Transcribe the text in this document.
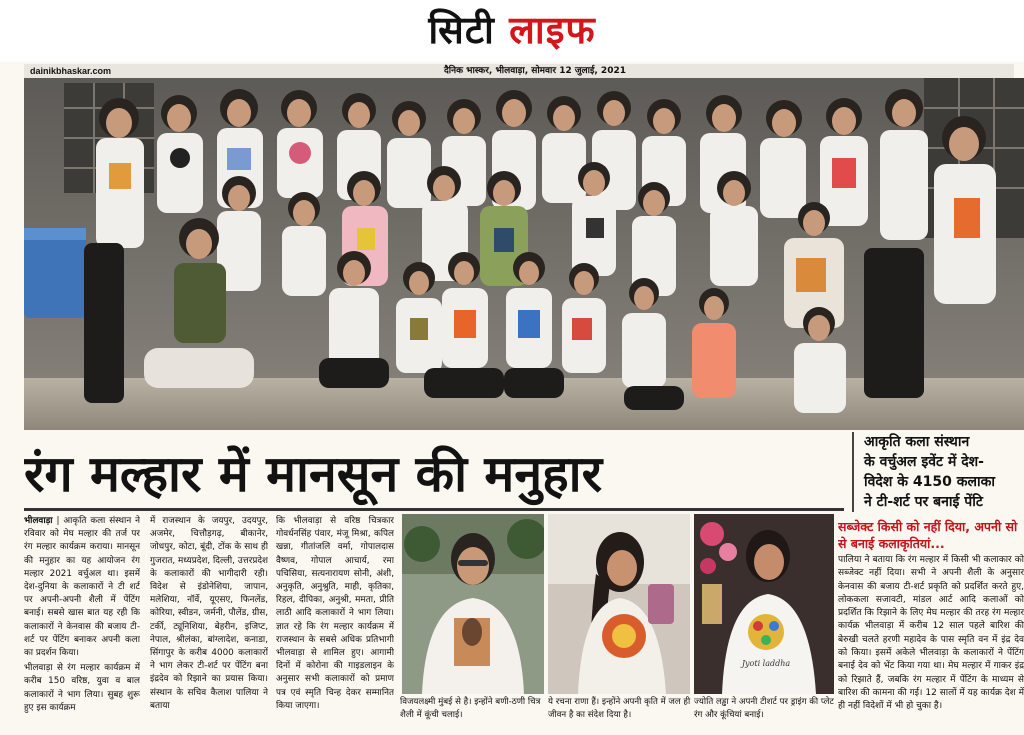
सिटी लाइफ
dainikbhaskar.com	दैनिक भास्कर, भीलवाड़ा, सोमवार 12 जुलाई, 2021
रंग मल्हार में मानसून की मनुहार
आकृति कला संस्थान
के वर्चुअल इवेंट में देश-
विदेश के 4150 कलाका
ने टी-शर्ट पर बनाई पेंटि

भीलवाड़ा | आकृति कला संस्थान ने रविवार को मेघ मल्हार की तर्ज पर रंग मल्हार कार्यक्रम कराया। मानसून की मनुहार का यह आयोजन रंग मल्हार 2021 वर्चुअल था। इसमें देश-दुनिया के कलाकारों ने टी शर्ट पर अपनी-अपनी शैली में पेंटिंग बनाई। सबसे खास बात यह रही कि कलाकारों ने केनवास की बजाय टी-शर्ट पर पेंटिंग बनाकर अपनी कला का प्रदर्शन किया।

भीलवाड़ा से रंग मल्हार कार्यक्रम में करीब 150 वरिष्ठ, युवा व बाल कलाकारों ने भाग लिया। सुबह शुरू हुए इस कार्यक्रम

में राजस्थान के जयपुर, उदयपुर, अजमेर, चित्तौड़गढ़, बीकानेर, जोधपुर, कोटा, बूंदी, टोंक के साथ ही गुजरात, मध्यप्रदेश, दिल्ली, उत्तरप्रदेश के कलाकारों की भागीदारी रही। विदेश से इंडोनेशिया, जापान, मलेशिया, नॉर्वे, यूएसए, फिनलेंड, कोरिया, स्वीडन, जर्मनी, पौलेंड, ग्रीस, टर्की, ट्यूनिशिया, बेहरीन, इजिप्ट, नेपाल, श्रीलंका, बांग्लादेश, कनाडा, सिंगापुर के करीब 4000 कलाकारों ने भाग लेकर टी-शर्ट पर पेंटिंग बना इंद्रदेव को रिझाने का प्रयास किया। संस्थान के सचिव कैलाश पालिया ने बताया

कि भीलवाड़ा से वरिष्ठ चित्रकार गोवर्धनसिंह पंवार, मंजू मिश्रा, कपिल खन्ना, गीतांजलि वर्मा, गोपालदास वैष्णव, गोपाल आचार्य, रमा पचिसिया, सत्यनारायण सोनी, अंशी, अनुकृति, अनुश्रुति, माही, कृतिका, रिहल, दीपिका, अनुश्री, ममता, प्रीति लाठी आदि कलाकारों ने भाग लिया। ज्ञात रहे कि रंग मल्हार कार्यक्रम में राजस्थान के सबसे अधिक प्रतिभागी भीलवाड़ा से शामिल हुए। आगामी दिनों में कोरोना की गाइडलाइन के अनुसार सभी कलाकारों को प्रमाण पत्र एवं स्मृति चिन्ह देकर सम्मानित किया जाएगा।

Jyoti laddha
विजयलक्ष्मी मुंबई से है। इन्होंने बणी-ठणी चित्र शैली में कूंची चलाई।
ये रचना राणा हैं। इन्होंने अपनी कृति में जल ही जीवन है का संदेश दिया है।
ज्योति लड्ढा ने अपनी टीशर्ट पर ड्राइंग की प्लेट रंग और कूंचियां बनाई।
सब्जेक्ट किसी को नहीं दिया, अपनी सो
से बनाई कलाकृतियां...

पालिया ने बताया कि रंग मल्हार में किसी भी कलाकार को सब्जेक्ट नहीं दिया। सभी ने अपनी शैली के अनुसार केनवास की बजाय टी-शर्ट प्रकृति को प्रदर्शित करते हुए, लोककला सजावटी, मांडल आर्ट आदि कलाओं को प्रदर्शित कि रिझाने के लिए मेघ मल्हार की तरह रंग मल्हार कार्यक्र भीलवाड़ा में करीब 12 साल पहले बारिश की बेरुखी चलते हरणी महादेव के पास स्मृति वन में इंद्र देव को किया। इसमें अकेले भीलवाड़ा के कलाकारों ने पेंटिंग बनाई देव को भेंट किया गया था। मेघ मल्हार में गाकर इंद्र को रिझाते हैं, जबकि रंग मल्हार में पेंटिंग के माध्यम से बारिश की कामना की गई। 12 सालों में यह कार्यक्र देश में ही नहीं विदेशों में भी हो चुका है।
